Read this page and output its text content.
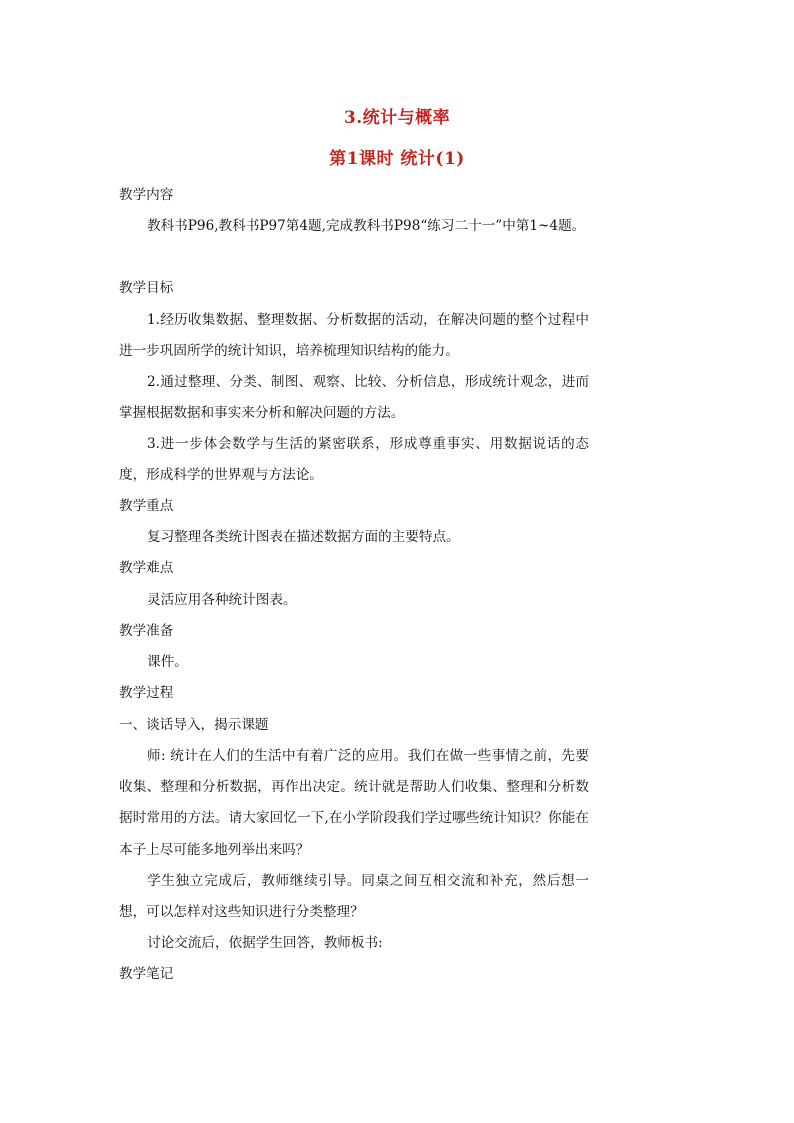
3.统计与概率
第1课时 统计(1)
教学内容
教科书P96,教科书P97第4题,完成教科书P98“练习二十一”中第1~4题。
教学目标
1.经历收集数据、整理数据、分析数据的活动，在解决问题的整个过程中进一步巩固所学的统计知识，培养梳理知识结构的能力。
2.通过整理、分类、制图、观察、比较、分析信息，形成统计观念，进而掌握根据数据和事实来分析和解决问题的方法。
3.进一步体会数学与生活的紧密联系，形成尊重事实、用数据说话的态度，形成科学的世界观与方法论。
教学重点
复习整理各类统计图表在描述数据方面的主要特点。
教学难点
灵活应用各种统计图表。
教学准备
课件。
教学过程
一、谈话导入，揭示课题
师: 统计在人们的生活中有着广泛的应用。我们在做一些事情之前，先要收集、整理和分析数据，再作出决定。统计就是帮助人们收集、整理和分析数据时常用的方法。请大家回忆一下,在小学阶段我们学过哪些统计知识？你能在本子上尽可能多地列举出来吗？
学生独立完成后，教师继续引导。同桌之间互相交流和补充，然后想一想，可以怎样对这些知识进行分类整理？
讨论交流后，依据学生回答，教师板书:
教学笔记
